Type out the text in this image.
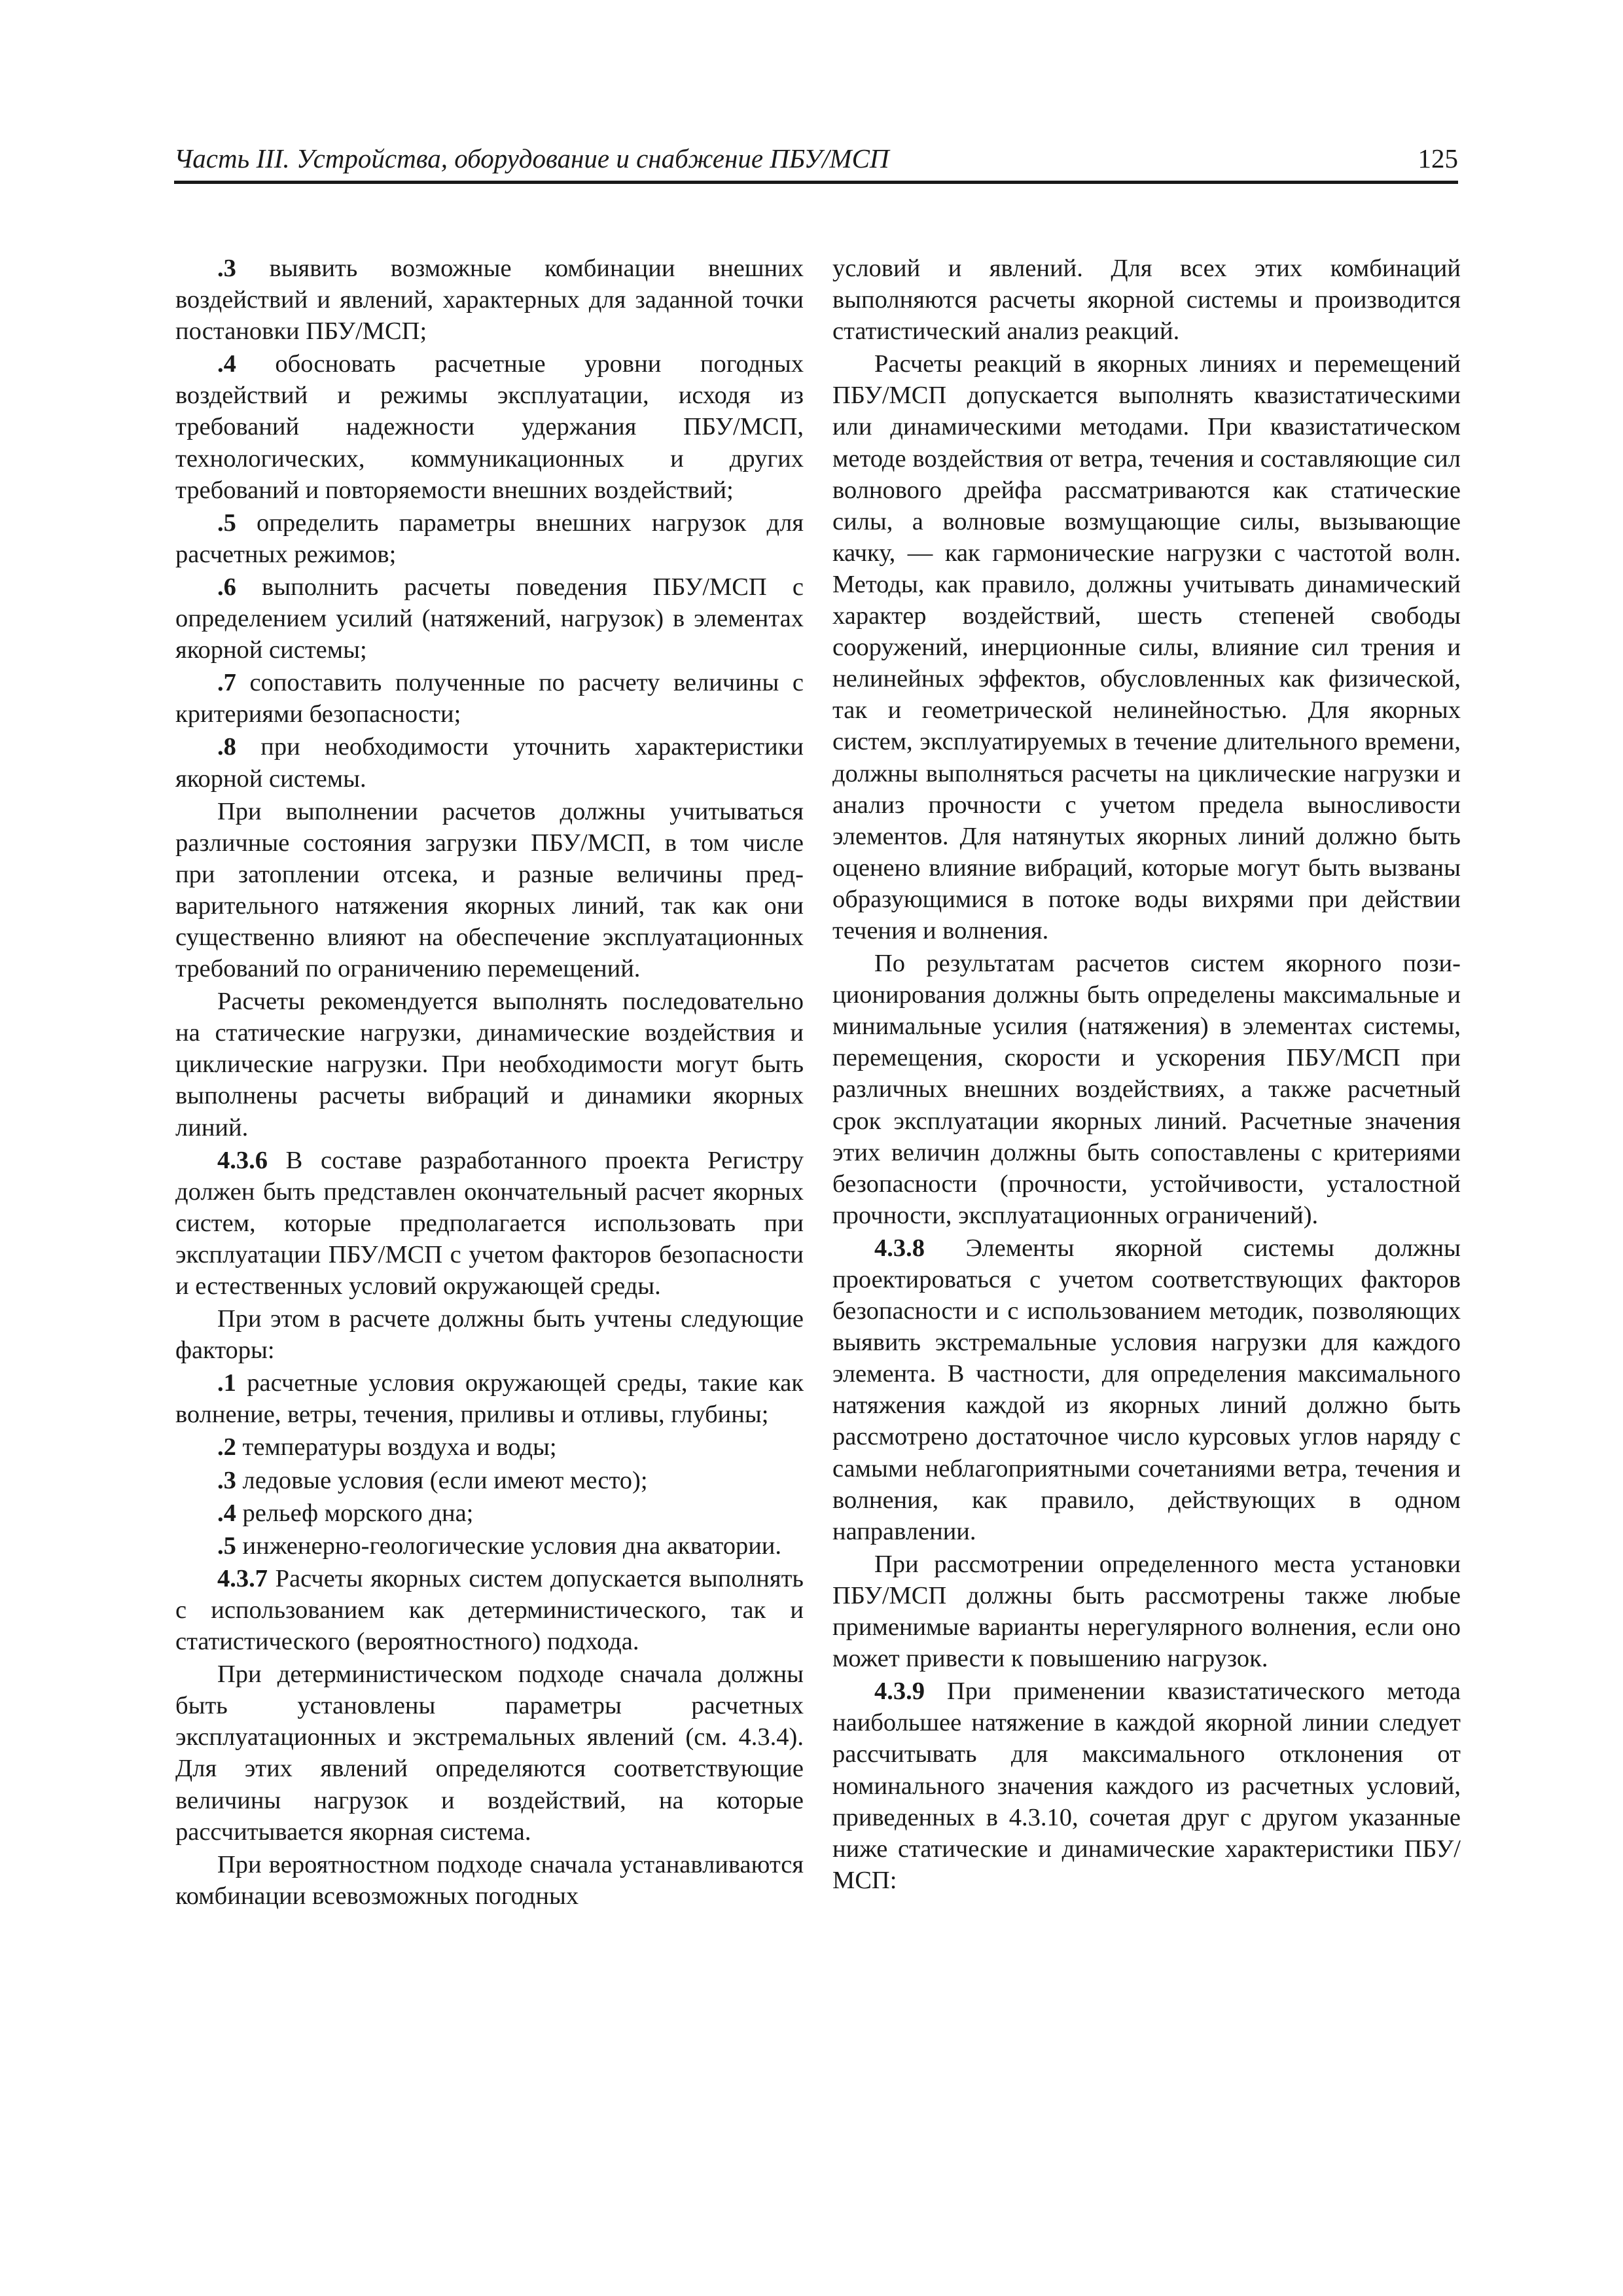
Часть III. Устройства, оборудование и снабжение ПБУ/МСП	125

.3 выявить возможные комбинации внешних воздействий и явлений, характерных для заданной точки постановки ПБУ/МСП;

.4 обосновать расчетные уровни погодных воздействий и режимы эксплуатации, исходя из требований надежности удержания ПБУ/МСП, технологических, коммуникационных и других требований и повторяемости внешних воздействий;

.5 определить параметры внешних нагрузок для расчетных режимов;

.6 выполнить расчеты поведения ПБУ/МСП с определением усилий (натяжений, нагрузок) в элементах якорной системы;

.7 сопоставить полученные по расчету величины с критериями безопасности;

.8 при необходимости уточнить характеристики якорной системы.

При выполнении расчетов должны учитываться различные состояния загрузки ПБУ/МСП, в том числе при затоплении отсека, и разные величины предварительного натяжения якорных линий, так как они существенно влияют на обеспечение эксплуатационных требований по ограничению перемещений.

Расчеты рекомендуется выполнять последовательно на статические нагрузки, динамические воздействия и циклические нагрузки. При необходимости могут быть выполнены расчеты вибраций и динамики якорных линий.

4.3.6 В составе разработанного проекта Регистру должен быть представлен окончательный расчет якорных систем, которые предполагается использовать при эксплуатации ПБУ/МСП с учетом факторов безопасности и естественных условий окружающей среды.

При этом в расчете должны быть учтены следующие факторы:

.1 расчетные условия окружающей среды, такие как волнение, ветры, течения, приливы и отливы, глубины;

.2 температуры воздуха и воды;

.3 ледовые условия (если имеют место);

.4 рельеф морского дна;

.5 инженерно-геологические условия дна акватории.

4.3.7 Расчеты якорных систем допускается выполнять с использованием как детерминистического, так и статистического (вероятностного) подхода.

При детерминистическом подходе сначала должны быть установлены параметры расчетных эксплуатационных и экстремальных явлений (см. 4.3.4). Для этих явлений определяются соответствующие величины нагрузок и воздействий, на которые рассчитывается якорная система.

При вероятностном подходе сначала устанавливаются комбинации всевозможных погодных

условий и явлений. Для всех этих комбинаций выполняются расчеты якорной системы и производится статистический анализ реакций.

Расчеты реакций в якорных линиях и перемещений ПБУ/МСП допускается выполнять квазистатическими или динамическими методами. При квазистатическом методе воздействия от ветра, течения и составляющие сил волнового дрейфа рассматриваются как статические силы, а волновые возмущающие силы, вызывающие качку, — как гармонические нагрузки с частотой волн. Методы, как правило, должны учитывать динамический характер воздействий, шесть степеней свободы сооружений, инерционные силы, влияние сил трения и нелинейных эффектов, обусловленных как физической, так и геометрической нелинейностью. Для якорных систем, эксплуатируемых в течение длительного времени, должны выполняться расчеты на циклические нагрузки и анализ прочности с учетом предела выносливости элементов. Для натянутых якорных линий должно быть оценено влияние вибраций, которые могут быть вызваны образующимися в потоке воды вихрями при действии течения и волнения.

По результатам расчетов систем якорного позиционирования должны быть определены максимальные и минимальные усилия (натяжения) в элементах системы, перемещения, скорости и ускорения ПБУ/МСП при различных внешних воздействиях, а также расчетный срок эксплуатации якорных линий. Расчетные значения этих величин должны быть сопоставлены с критериями безопасности (прочности, устойчивости, усталостной прочности, эксплуатационных ограничений).

4.3.8 Элементы якорной системы должны проектироваться с учетом соответствующих факторов безопасности и с использованием методик, позволяющих выявить экстремальные условия нагрузки для каждого элемента. В частности, для определения максимального натяжения каждой из якорных линий должно быть рассмотрено достаточное число курсовых углов наряду с самыми неблагоприятными сочетаниями ветра, течения и волнения, как правило, действующих в одном направлении.

При рассмотрении определенного места установки ПБУ/МСП должны быть рассмотрены также любые применимые варианты нерегулярного волнения, если оно может привести к повышению нагрузок.

4.3.9 При применении квазистатического метода наибольшее натяжение в каждой якорной линии следует рассчитывать для максимального отклонения от номинального значения каждого из расчетных условий, приведенных в 4.3.10, сочетая друг с другом указанные ниже статические и динамические характеристики ПБУ/МСП:
